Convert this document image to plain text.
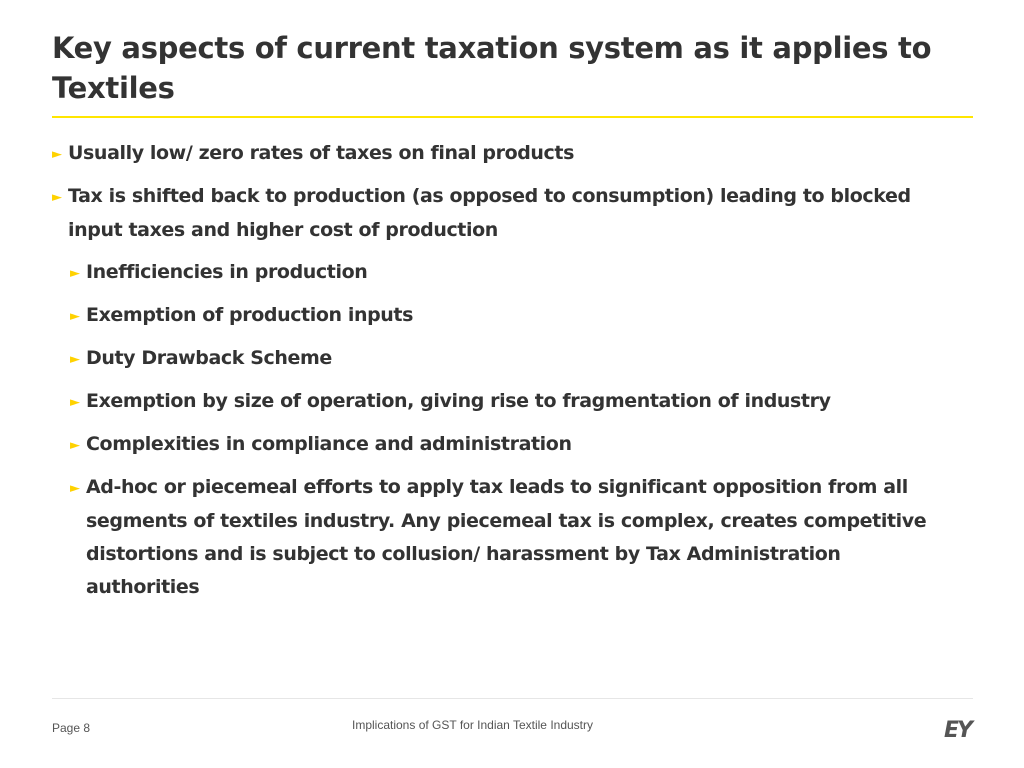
Key aspects of current taxation system as it applies to Textiles
► Usually low/ zero rates of taxes on final products
► Tax is shifted back to production (as opposed to consumption) leading to blocked input taxes and higher cost of production
► Inefficiencies in production
► Exemption of production inputs
► Duty Drawback Scheme
► Exemption by size of operation, giving rise to fragmentation of industry
► Complexities in compliance and administration
► Ad-hoc or piecemeal efforts to apply tax leads to significant opposition from all segments of textiles industry. Any piecemeal tax is complex, creates competitive distortions and is subject to collusion/ harassment by Tax Administration authorities
Page 8	Implications of GST for Indian Textile Industry	EY
